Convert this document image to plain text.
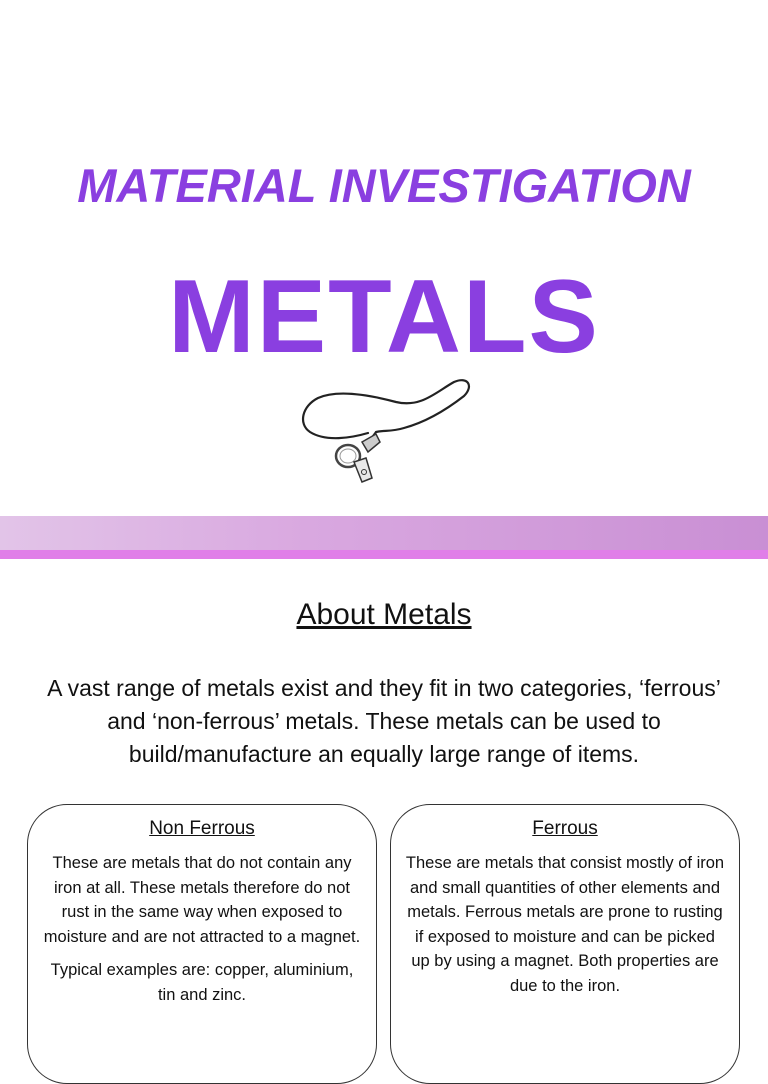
MATERIAL INVESTIGATION
METALS
About Metals
A vast range of metals exist and they fit in two categories, ‘ferrous’ and ‘non-ferrous’ metals. These metals can be used to build/manufacture an equally large range of items.
Non Ferrous

These are metals that do not contain any iron at all. These metals therefore do not rust in the same way when exposed to moisture and are not attracted to a magnet.

Typical examples are: copper, aluminium, tin and zinc.

Ferrous

These are metals that consist mostly of iron and small quantities of other elements and metals. Ferrous metals are prone to rusting if exposed to moisture and can be picked up by using a magnet. Both properties are due to the iron.
